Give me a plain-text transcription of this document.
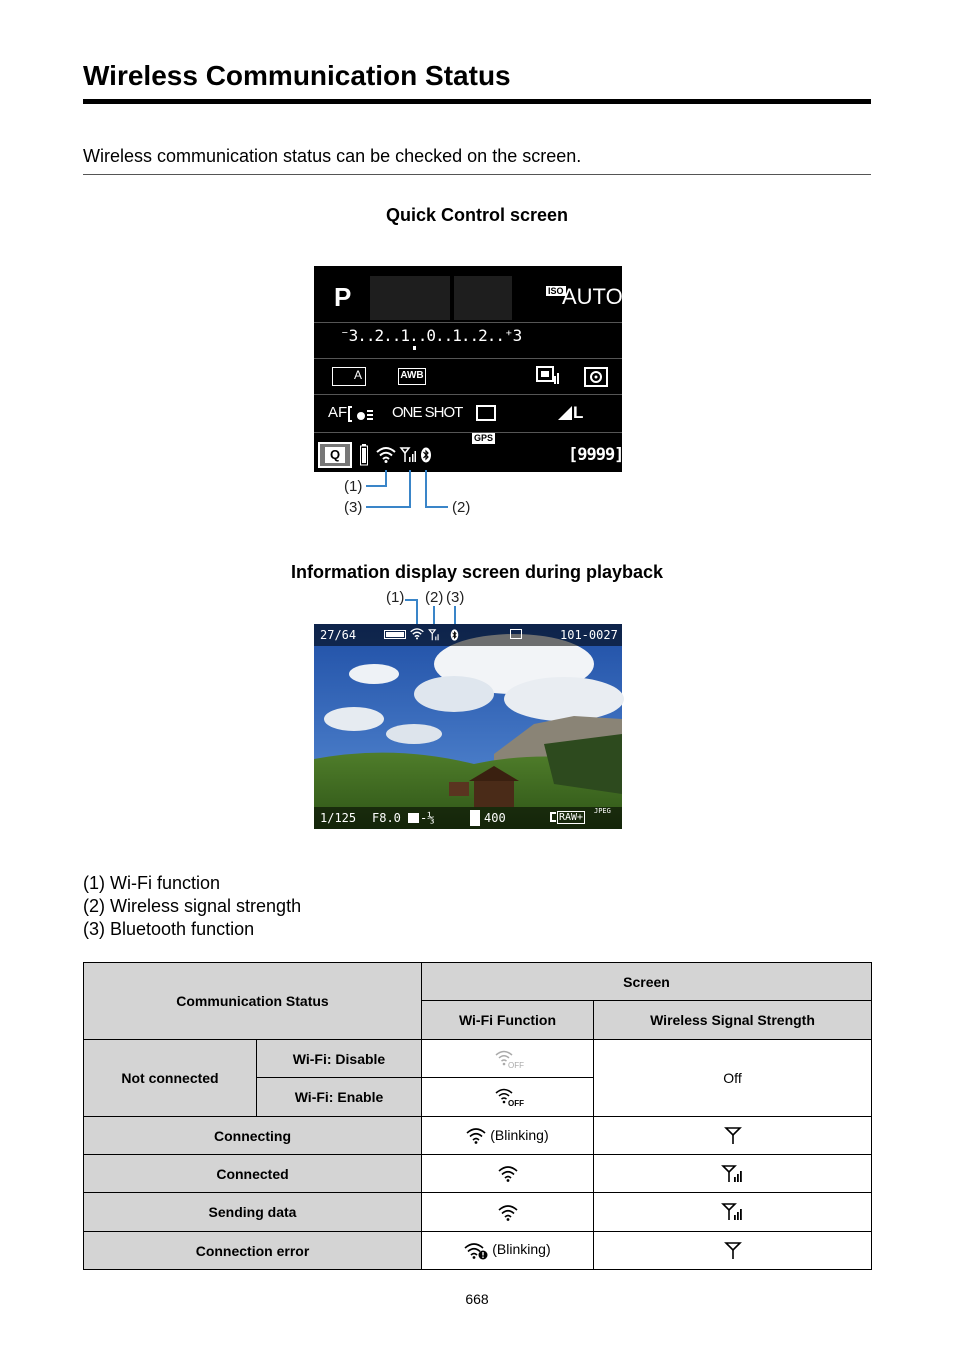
Wireless Communication Status
Wireless communication status can be checked on the screen.
Quick Control screen
P	ISO
AUTO
⁻3..2..1..0..1..2..⁺3
A	AWB
AF	ONE SHOT	L
GPS
Q	[9999]
(1)
(3)	(2)
Information display screen during playback
(1) (2) (3)
27/64	101-0027
1/125 F8.0 -⅓	400	RAW+
JPEG
(1) Wi-Fi function
(2) Wireless signal strength
(3) Bluetooth function
Communication Status		Screen	
		Wi-Fi Function	Wireless Signal Strength
Not connected	Wi-Fi: Disable	OFF	Off
	Wi-Fi: Enable	OFF	

Connecting		(Blinking)	
Connected		
Sending data		
Connection error		(Blinking)	
668
